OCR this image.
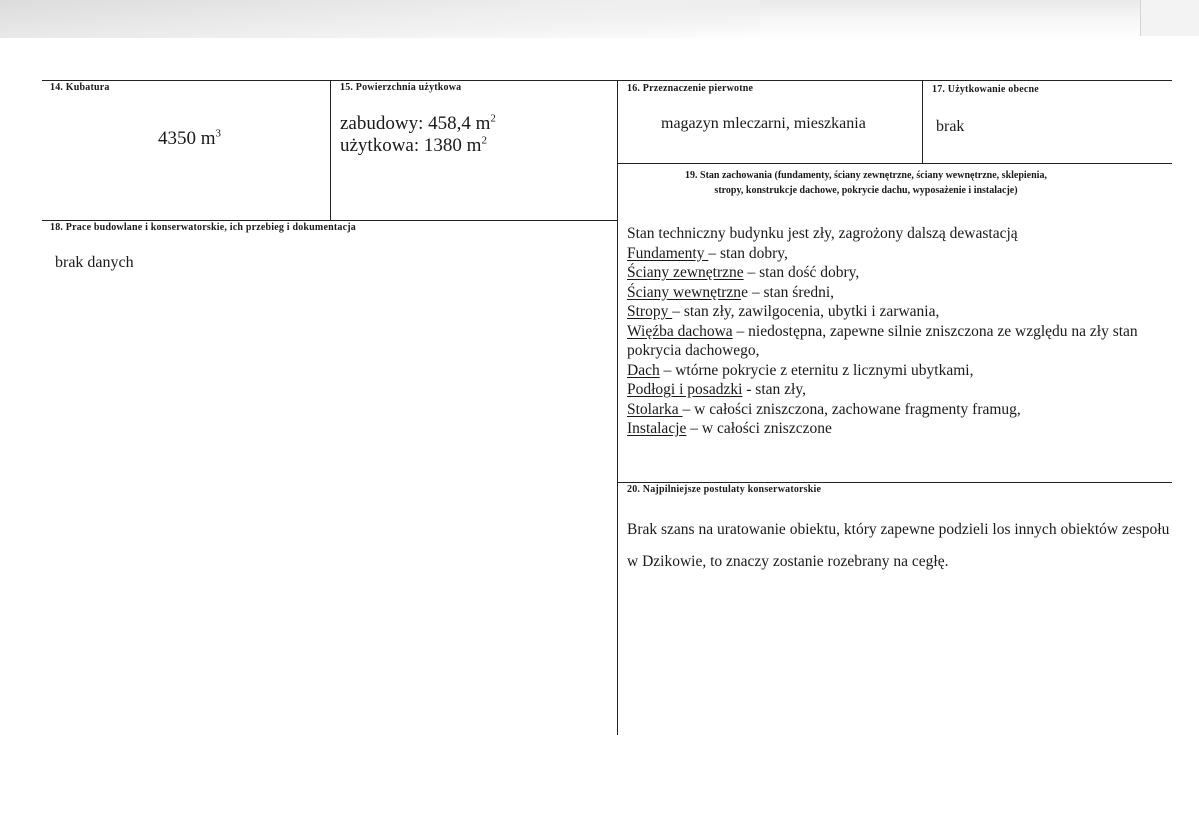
14. Kubatura
4350 $m^3$
15. Powierzchnia użytkowa
zabudowy: 458,4 $m^2$
użytkowa: 1380 $m^2$
16. Przeznaczenie pierwotne
magazyn mleczarni, mieszkania
17. Użytkowanie obecne
brak
18. Prace budowlane i konserwatorskie, ich przebieg i dokumentacja
brak danych
19. Stan zachowania (fundamenty, ściany zewnętrzne, ściany wewnętrzne, sklepienia,
stropy, konstrukcje dachowe, pokrycie dachu, wyposażenie i instalacje)
Stan techniczny budynku jest zły, zagrożony dalszą dewastacją
Fundamenty – stan dobry,
Ściany zewnętrzne – stan dość dobry,
Ściany wewnętrzne – stan średni,
Stropy – stan zły, zawilgocenia, ubytki i zarwania,
Więźba dachowa – niedostępna, zapewne silnie zniszczona ze względu na zły stan pokrycia dachowego,
Dach – wtórne pokrycie z eternitu z licznymi ubytkami,
Podłogi i posadzki - stan zły,
Stolarka – w całości zniszczona, zachowane fragmenty framug,
Instalacje – w całości zniszczone
20. Najpilniejsze postulaty konserwatorskie
Brak szans na uratowanie obiektu, który zapewne podzieli los innych obiektów zespołu w Dzikowie, to znaczy zostanie rozebrany na cegłę.
